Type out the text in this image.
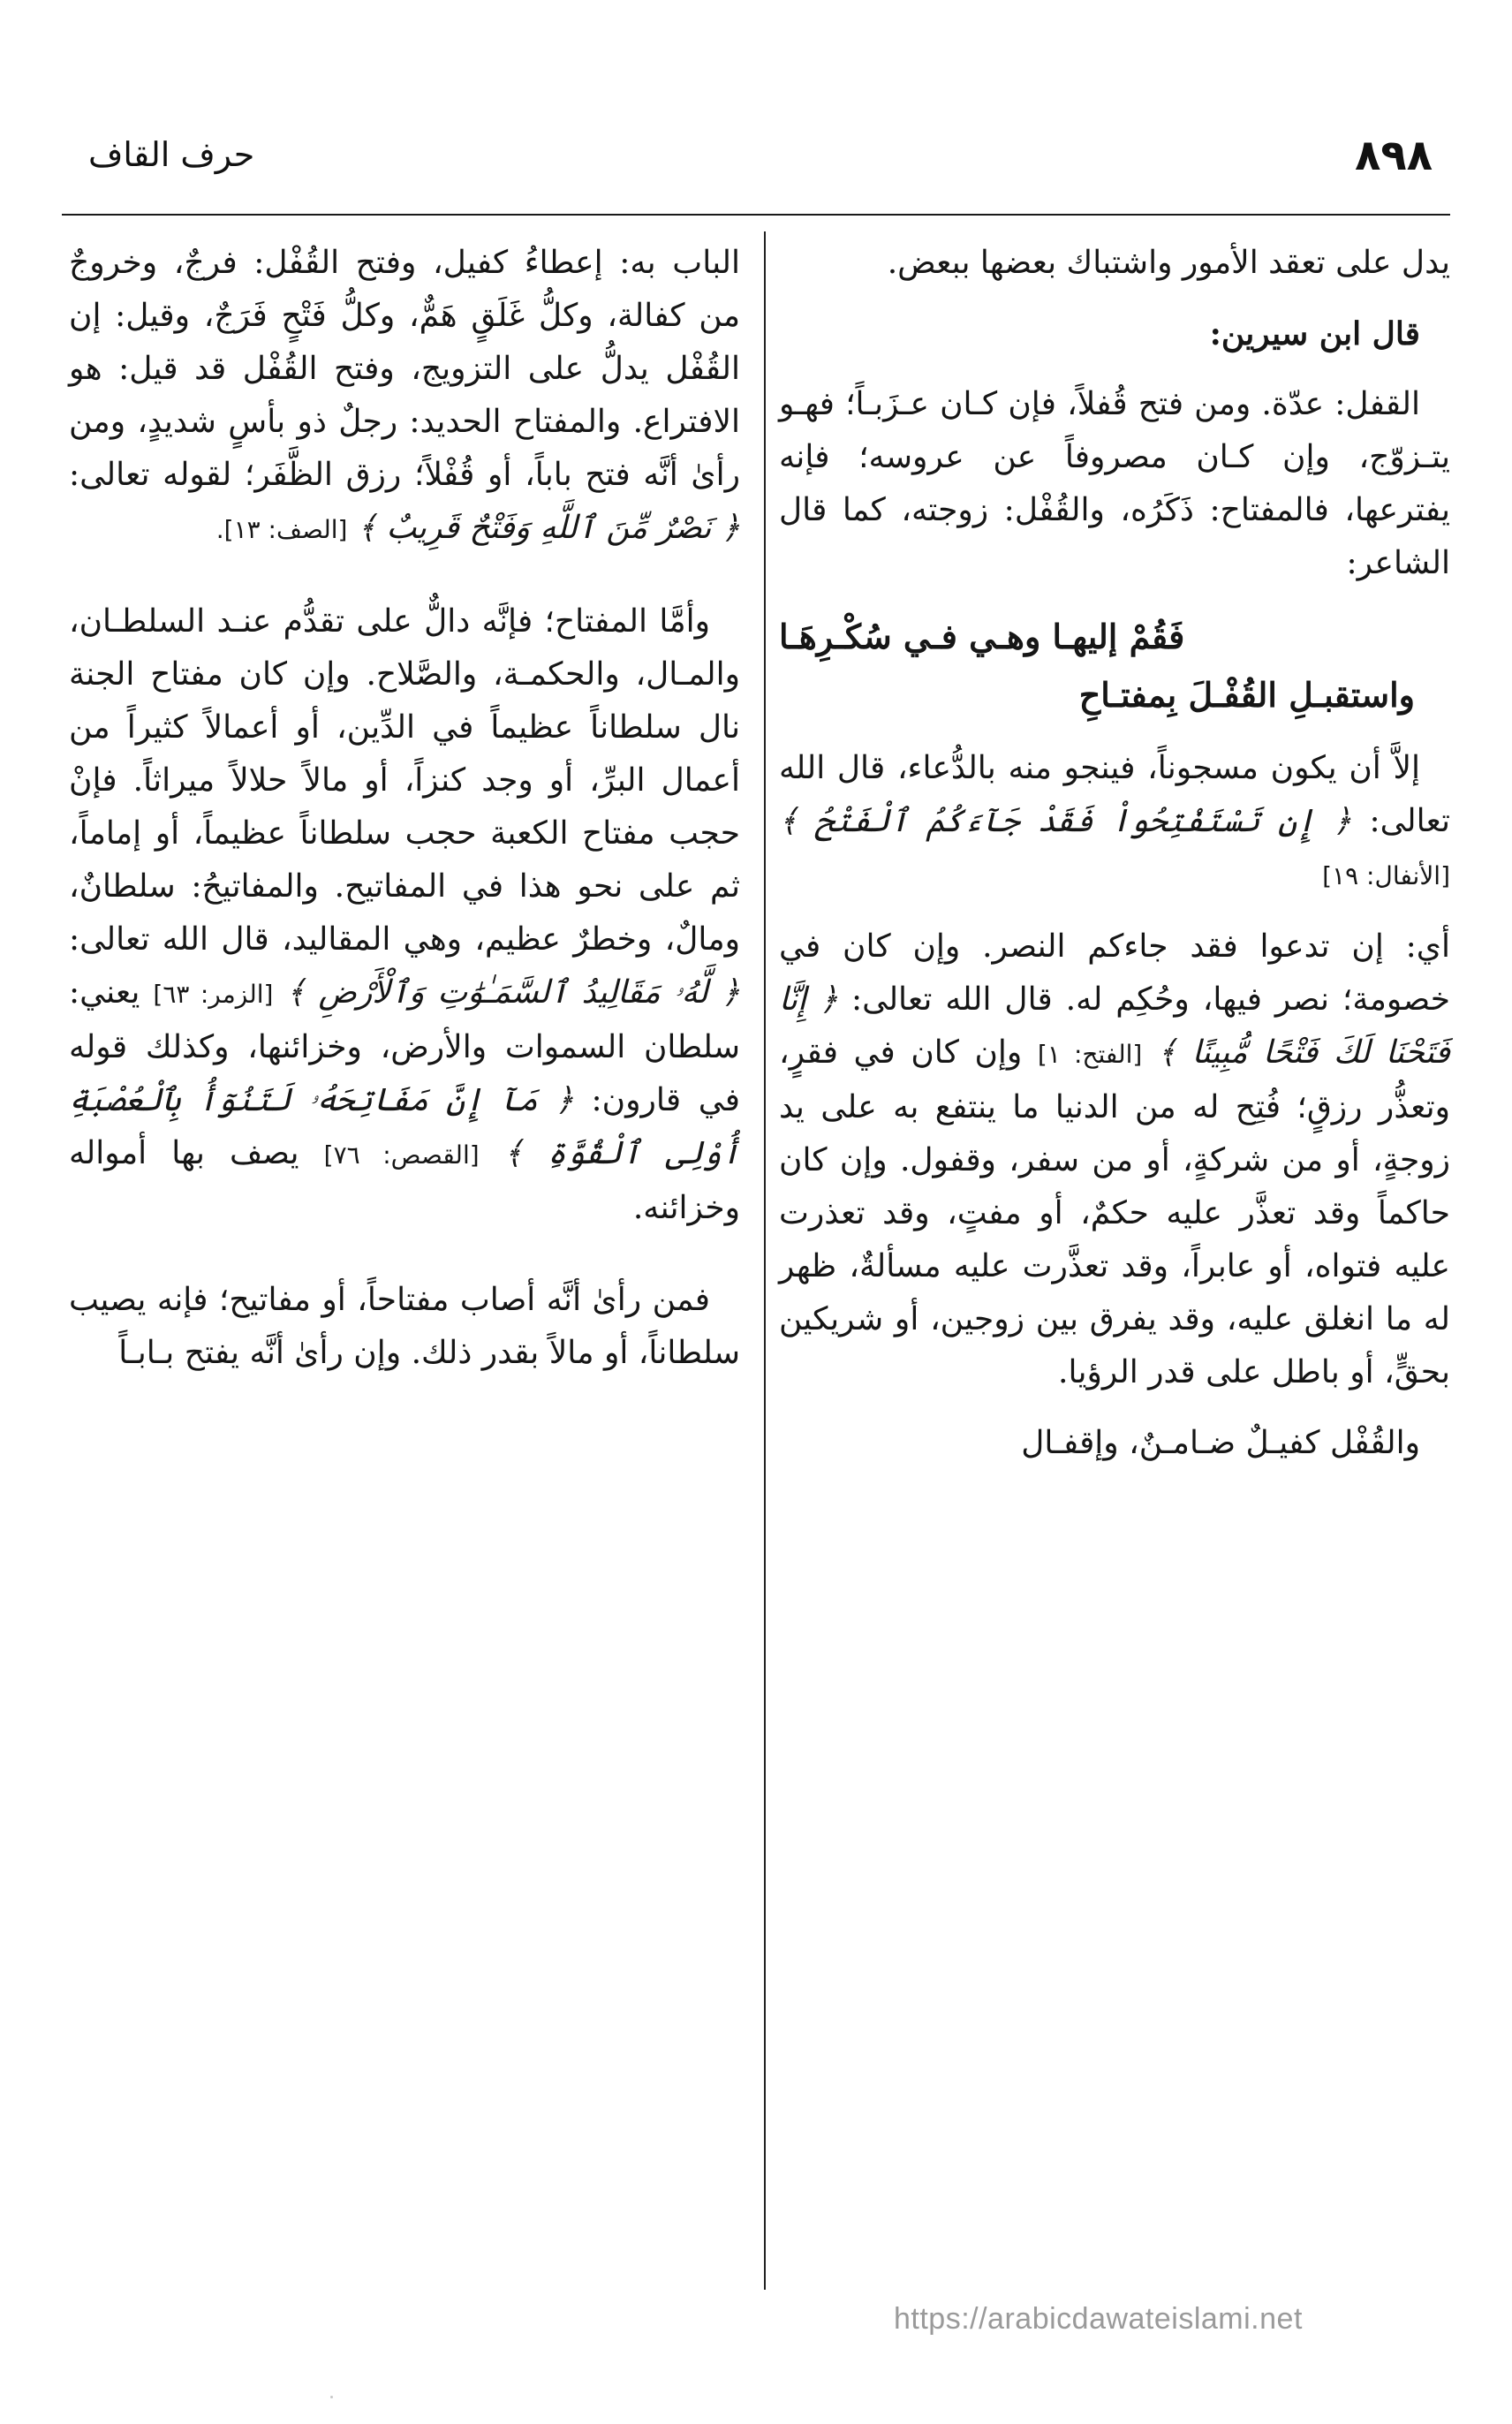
٨٩٨
حرف القاف

يدل على تعقد الأمور واشتباك بعضها ببعض.

قال ابن سيرين:

القفل: عدّة. ومن فتح قُفلاً، فإن كـان عـزَبـاً؛ فهـو يتـزوّج، وإن كـان مصروفاً عن عروسه؛ فإنه يفترعها، فالمفتاح: ذَكَرُه، والقُفْل: زوجته، كما قال الشاعر:

فَقُمْ إليهـا وهـي فـي سُكْـرِهَـا
واستقبـلِ القُفْـلَ بِمفتـاحِ

إلاَّ أن يكون مسجوناً، فينجو منه بالدُّعاء، قال الله تعالى: ﴿ إِن تَسْتَفْتِحُواْ فَقَدْ جَآءَكُمُ ٱلْفَتْحُ ﴾ [الأنفال: ١٩]

أي: إن تدعوا فقد جاءكم النصر. وإن كان في خصومة؛ نصر فيها، وحُكِم له. قال الله تعالى: ﴿ إِنَّا فَتَحْنَا لَكَ فَتْحًا مُّبِينًا ﴾ [الفتح: ١] وإن كان في فقرٍ، وتعذُّر رزقٍ؛ فُتِح له من الدنيا ما ينتفع به على يد زوجةٍ، أو من شركةٍ، أو من سفر، وقفول. وإن كان حاكماً وقد تعذَّر عليه حكمٌ، أو مفتٍ، وقد تعذرت عليه فتواه، أو عابراً، وقد تعذَّرت عليه مسألةٌ، ظهر له ما انغلق عليه، وقد يفرق بين زوجين، أو شريكين بحقٍّ، أو باطل على قدر الرؤيا.

والقُفْل كفيـلٌ ضـامـنٌ، وإقفـال

الباب به: إعطاءُ كفيل، وفتح القُفْل: فرجٌ، وخروجٌ من كفالة، وكلُّ غَلَقٍ هَمٌّ، وكلُّ فَتْحٍ فَرَجٌ، وقيل: إن القُفْل يدلُّ على التزويج، وفتح القُفْل قد قيل: هو الافتراع. والمفتاح الحديد: رجلٌ ذو بأسٍ شديدٍ، ومن رأىٰ أنَّه فتح باباً، أو قُفْلاً؛ رزق الظَّفَر؛ لقوله تعالى: ﴿ نَصْرٌ مِّنَ ٱللَّهِ وَفَتْحٌ قَرِيبٌ ﴾ [الصف: ١٣].

وأمَّا المفتاح؛ فإنَّه دالٌّ على تقدُّم عنـد السلطـان، والمـال، والحكمـة، والصَّلاح. وإن كان مفتاح الجنة نال سلطاناً عظيماً في الدِّين، أو أعمالاً كثيراً من أعمال البرِّ، أو وجد كنزاً، أو مالاً حلالاً ميراثاً. فإنْ حجب مفتاح الكعبة حجب سلطاناً عظيماً، أو إماماً، ثم على نحو هذا في المفاتيح. والمفاتيحُ: سلطانٌ، ومالٌ، وخطرٌ عظيم، وهي المقاليد، قال الله تعالى: ﴿ لَّهُۥ مَقَالِيدُ ٱلسَّمَـٰوَٰتِ وَٱلْأَرْضِ ﴾ [الزمر: ٦٣] يعني: سلطان السموات والأرض، وخزائنها، وكذلك قوله في قارون: ﴿ مَآ إِنَّ مَفَاتِحَهُۥ لَتَنُوٓأُ بِٱلْعُصْبَةِ أُوْلِى ٱلْقُوَّةِ ﴾ [القصص: ٧٦] يصف بها أمواله وخزائنه.

فمن رأىٰ أنَّه أصاب مفتاحاً، أو مفاتيح؛ فإنه يصيب سلطاناً، أو مالاً بقدر ذلك. وإن رأىٰ أنَّه يفتح بـابـاً

https://arabicdawateislami.net
